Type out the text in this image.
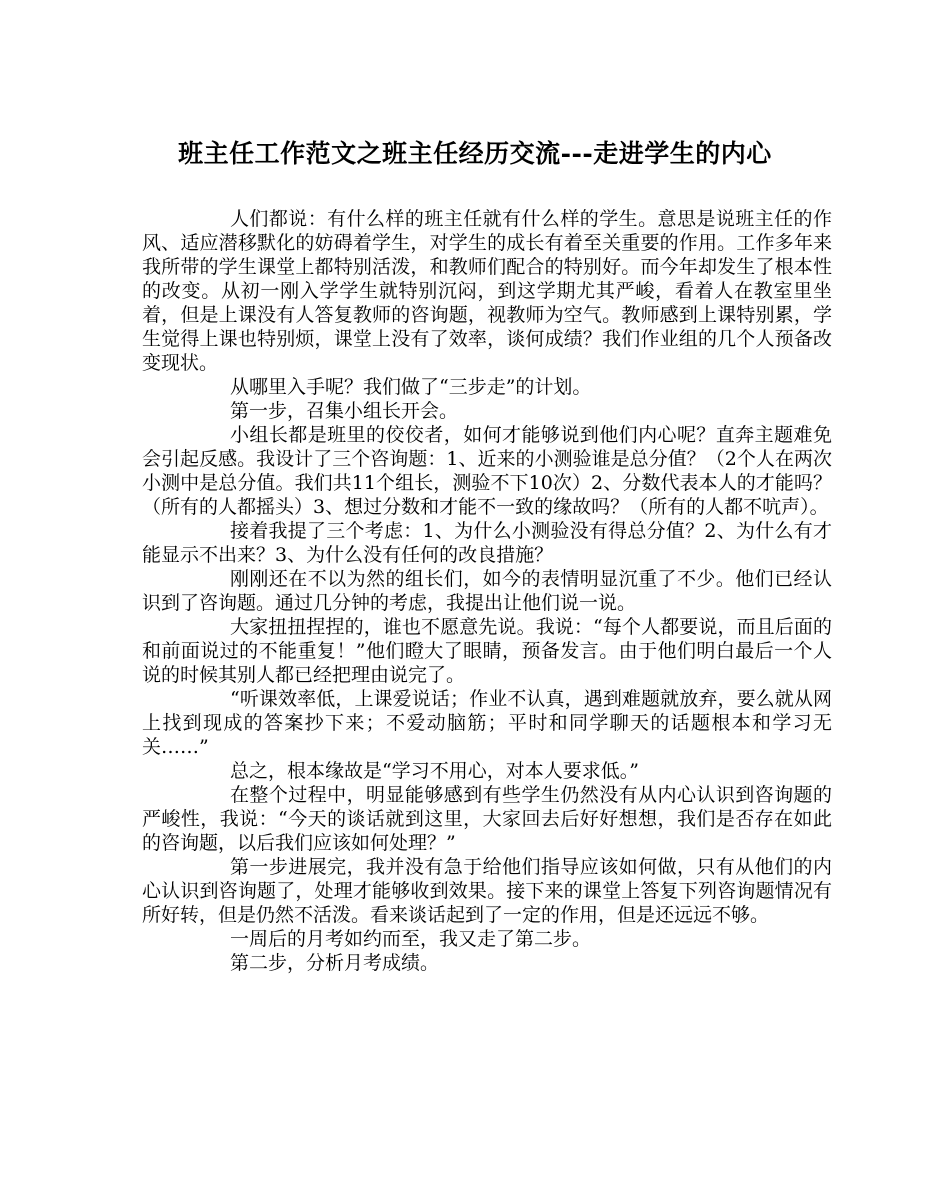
班主任工作范文之班主任经历交流---走进学生的内心

人们都说：有什么样的班主任就有什么样的学生。意思是说班主任的作风、适应潜移默化的妨碍着学生，对学生的成长有着至关重要的作用。工作多年来我所带的学生课堂上都特别活泼，和教师们配合的特别好。而今年却发生了根本性的改变。从初一刚入学学生就特别沉闷，到这学期尤其严峻，看着人在教室里坐着，但是上课没有人答复教师的咨询题，视教师为空气。教师感到上课特别累，学生觉得上课也特别烦，课堂上没有了效率，谈何成绩？我们作业组的几个人预备改变现状。

从哪里入手呢？我们做了“三步走”的计划。

第一步，召集小组长开会。

小组长都是班里的佼佼者，如何才能够说到他们内心呢？直奔主题难免会引起反感。我设计了三个咨询题：1、近来的小测验谁是总分值？（2个人在两次小测中是总分值。我们共11个组长，测验不下10次）2、分数代表本人的才能吗？（所有的人都摇头）3、想过分数和才能不一致的缘故吗？（所有的人都不吭声）。

接着我提了三个考虑：1、为什么小测验没有得总分值？2、为什么有才能显示不出来？3、为什么没有任何的改良措施？

刚刚还在不以为然的组长们，如今的表情明显沉重了不少。他们已经认识到了咨询题。通过几分钟的考虑，我提出让他们说一说。

大家扭扭捏捏的，谁也不愿意先说。我说：“每个人都要说，而且后面的和前面说过的不能重复！”他们瞪大了眼睛，预备发言。由于他们明白最后一个人说的时候其别人都已经把理由说完了。

“听课效率低，上课爱说话；作业不认真，遇到难题就放弃，要么就从网上找到现成的答案抄下来；不爱动脑筋；平时和同学聊天的话题根本和学习无关……”

总之，根本缘故是“学习不用心，对本人要求低。”

在整个过程中，明显能够感到有些学生仍然没有从内心认识到咨询题的严峻性，我说：“今天的谈话就到这里，大家回去后好好想想，我们是否存在如此的咨询题，以后我们应该如何处理？”

第一步进展完，我并没有急于给他们指导应该如何做，只有从他们的内心认识到咨询题了，处理才能够收到效果。接下来的课堂上答复下列咨询题情况有所好转，但是仍然不活泼。看来谈话起到了一定的作用，但是还远远不够。

一周后的月考如约而至，我又走了第二步。

第二步，分析月考成绩。
